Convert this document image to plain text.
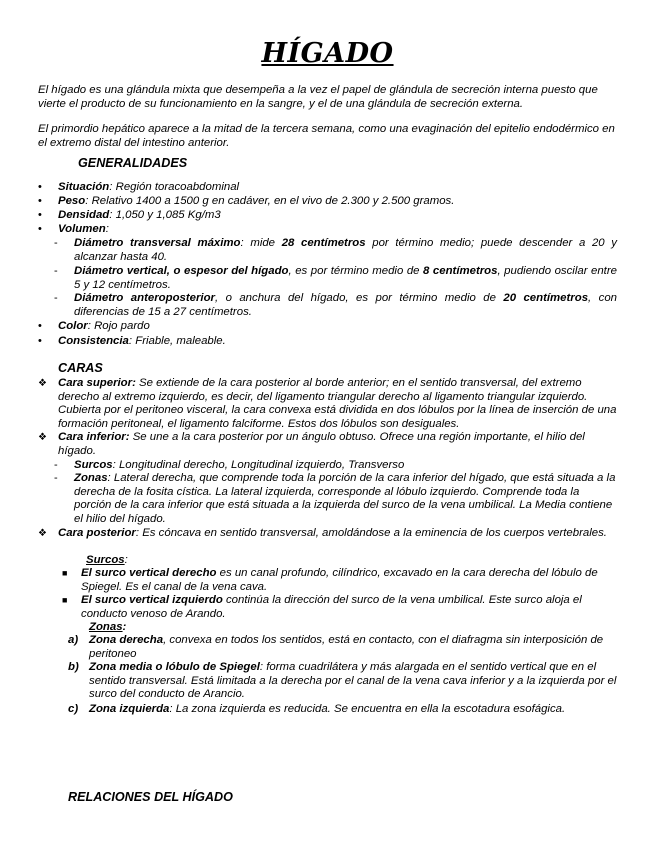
HÍGADO
El hígado es una glándula mixta que desempeña a la vez el papel de glándula de secreción interna puesto que vierte el producto de su funcionamiento en la sangre, y el de una glándula de secreción externa.
El primordio hepático aparece a la mitad de la tercera semana, como una evaginación del epitelio endodérmico en el extremo distal del intestino anterior.
GENERALIDADES
• Situación: Región toracoabdominal
• Peso: Relativo 1400 a 1500 g en cadáver, en el vivo de 2.300 y 2.500 gramos.
• Densidad: 1,050 y 1,085 Kg/m3
• Volumen:
- Diámetro transversal máximo: mide 28 centímetros por término medio; puede descender a 20 y alcanzar hasta 40.
- Diámetro vertical, o espesor del hígado, es por término medio de 8 centímetros, pudiendo oscilar entre 5 y 12 centímetros.
- Diámetro anteroposterior, o anchura del hígado, es por término medio de 20 centímetros, con diferencias de 15 a 27 centímetros.
• Color: Rojo pardo
• Consistencia: Friable, maleable.
CARAS
❖ Cara superior: Se extiende de la cara posterior al borde anterior; en el sentido transversal, del extremo derecho al extremo izquierdo, es decir, del ligamento triangular derecho al ligamento triangular izquierdo. Cubierta por el peritoneo visceral, la cara convexa está dividida en dos lóbulos por la línea de inserción de una formación peritoneal, el ligamento falciforme. Estos dos lóbulos son desiguales.
❖ Cara inferior: Se une a la cara posterior por un ángulo obtuso. Ofrece una región importante, el hilio del hígado.
- Surcos: Longitudinal derecho, Longitudinal izquierdo, Transverso
- Zonas: Lateral derecha, que comprende toda la porción de la cara inferior del hígado, que está situada a la derecha de la fosita cística. La lateral izquierda, corresponde al lóbulo izquierdo. Comprende toda la porción de la cara inferior que está situada a la izquierda del surco de la vena umbilical. La Media contiene el hilio del hígado.
❖ Cara posterior: Es cóncava en sentido transversal, amoldándose a la eminencia de los cuerpos vertebrales.
Surcos:
■ El surco vertical derecho es un canal profundo, cilíndrico, excavado en la cara derecha del lóbulo de Spiegel. Es el canal de la vena cava.
■ El surco vertical izquierdo continúa la dirección del surco de la vena umbilical. Este surco aloja el conducto venoso de Arando.
Zonas:
a) Zona derecha, convexa en todos los sentidos, está en contacto, con el diafragma sin interposición de peritoneo
b) Zona media o lóbulo de Spiegel: forma cuadrilátera y más alargada en el sentido vertical que en el sentido transversal. Está limitada a la derecha por el canal de la vena cava inferior y a la izquierda por el surco del conducto de Arancio.
c) Zona izquierda: La zona izquierda es reducida. Se encuentra en ella la escotadura esofágica.
RELACIONES DEL HÍGADO
